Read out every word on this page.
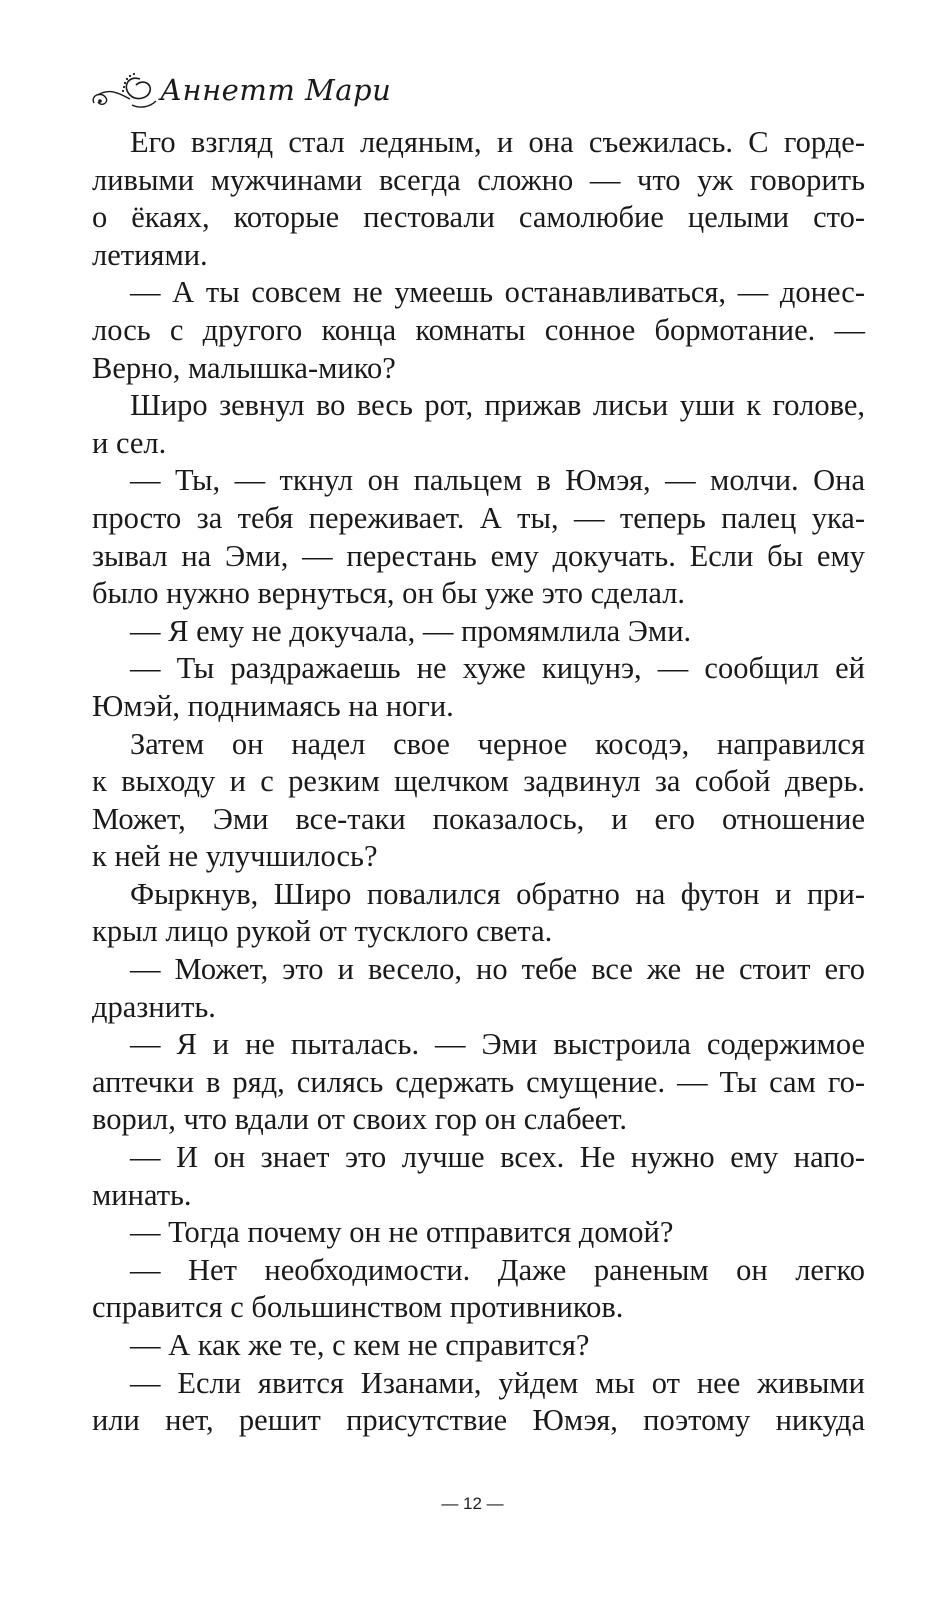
Аннетт Мари
Его взгляд стал ледяным, и она съежилась. С горде-
ливыми мужчинами всегда сложно — что уж говорить
о ёкаях, которые пестовали самолюбие целыми сто-
летиями.
— А ты совсем не умеешь останавливаться, — донес-
лось с другого конца комнаты сонное бормотание. —
Верно, малышка-мико?
Широ зевнул во весь рот, прижав лисьи уши к голове,
и сел.
— Ты, — ткнул он пальцем в Юмэя, — молчи. Она
просто за тебя переживает. А ты, — теперь палец ука-
зывал на Эми, — перестань ему докучать. Если бы ему
было нужно вернуться, он бы уже это сделал.
— Я ему не докучала, — промямлила Эми.
— Ты раздражаешь не хуже кицунэ, — сообщил ей
Юмэй, поднимаясь на ноги.
Затем он надел свое черное косодэ, направился
к выходу и с резким щелчком задвинул за собой дверь.
Может, Эми все-таки показалось, и его отношение
к ней не улучшилось?
Фыркнув, Широ повалился обратно на футон и при-
крыл лицо рукой от тусклого света.
— Может, это и весело, но тебе все же не стоит его
дразнить.
— Я и не пыталась. — Эми выстроила содержимое
аптечки в ряд, силясь сдержать смущение. — Ты сам го-
ворил, что вдали от своих гор он слабеет.
— И он знает это лучше всех. Не нужно ему напо-
минать.
— Тогда почему он не отправится домой?
— Нет необходимости. Даже раненым он легко
справится с большинством противников.
— А как же те, с кем не справится?
— Если явится Изанами, уйдем мы от нее живыми
или нет, решит присутствие Юмэя, поэтому никуда
— 12 —
